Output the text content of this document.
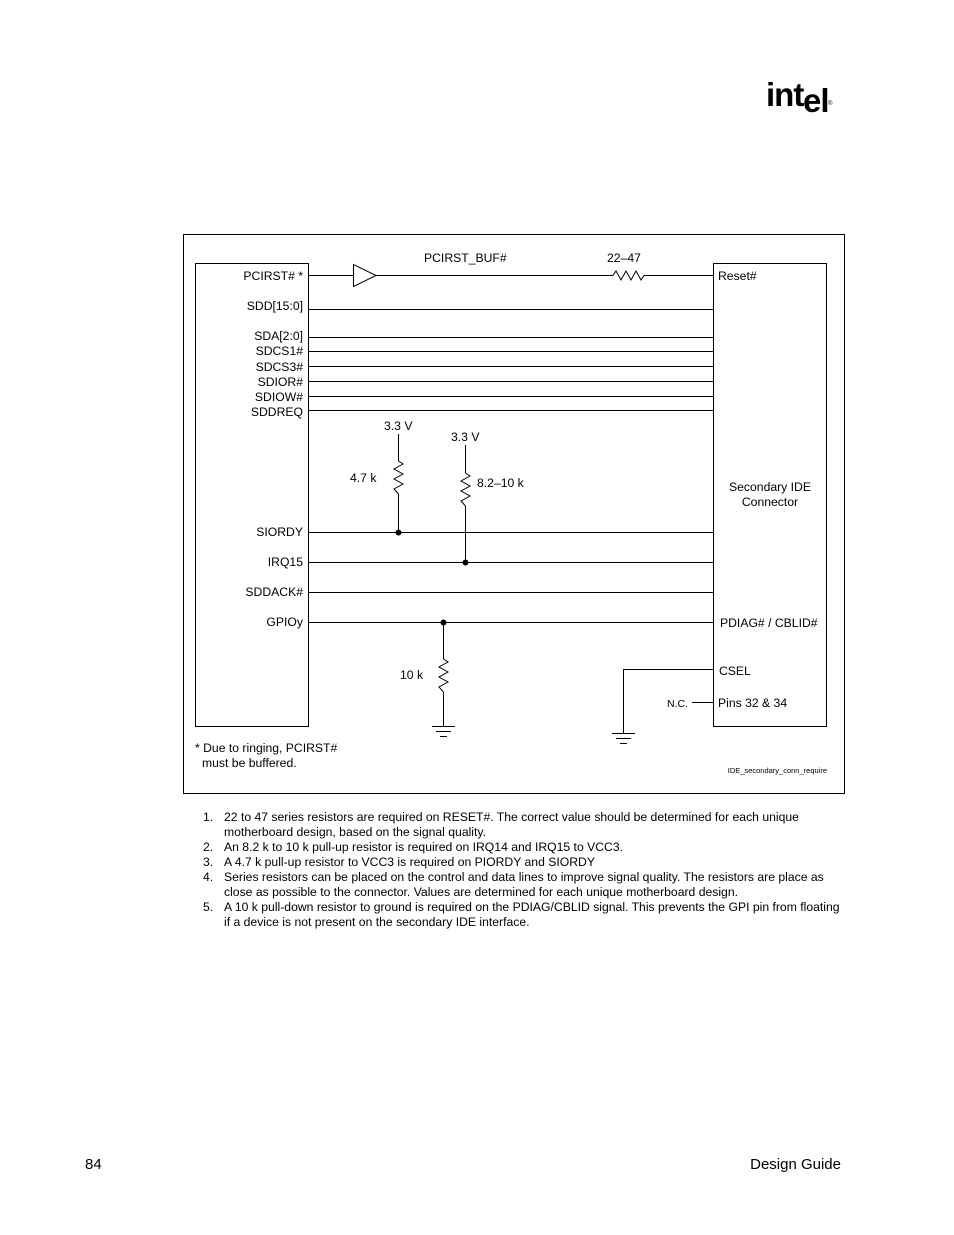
int el ®
PCIRST# *
SDD[15:0]
SDA[2:0]
SDCS1#
SDCS3#
SDIOR#
SDIOW#
SDDREQ
SIORDY
IRQ15
SDDACK#
GPIOy
PCIRST_BUF#	22–47
3.3 V
4.7 k
3.3 V
8.2–10 k
10 k
N.C.
Reset#
Secondary IDE
Connector
PDIAG# / CBLID#
CSEL
Pins 32 & 34
* Due to ringing, PCIRST#
must be buffered.
IDE_secondary_conn_require
1. 22 to 47 series resistors are required on RESET#. The correct value should be determined for each unique motherboard design, based on the signal quality.
2. An 8.2 k to 10 k pull-up resistor is required on IRQ14 and IRQ15 to VCC3.
3. A 4.7 k pull-up resistor to VCC3 is required on PIORDY and SIORDY
4. Series resistors can be placed on the control and data lines to improve signal quality. The resistors are place as close as possible to the connector. Values are determined for each unique motherboard design.
5. A 10 k pull-down resistor to ground is required on the PDIAG/CBLID signal. This prevents the GPI pin from floating if a device is not present on the secondary IDE interface.
84	Design Guide
